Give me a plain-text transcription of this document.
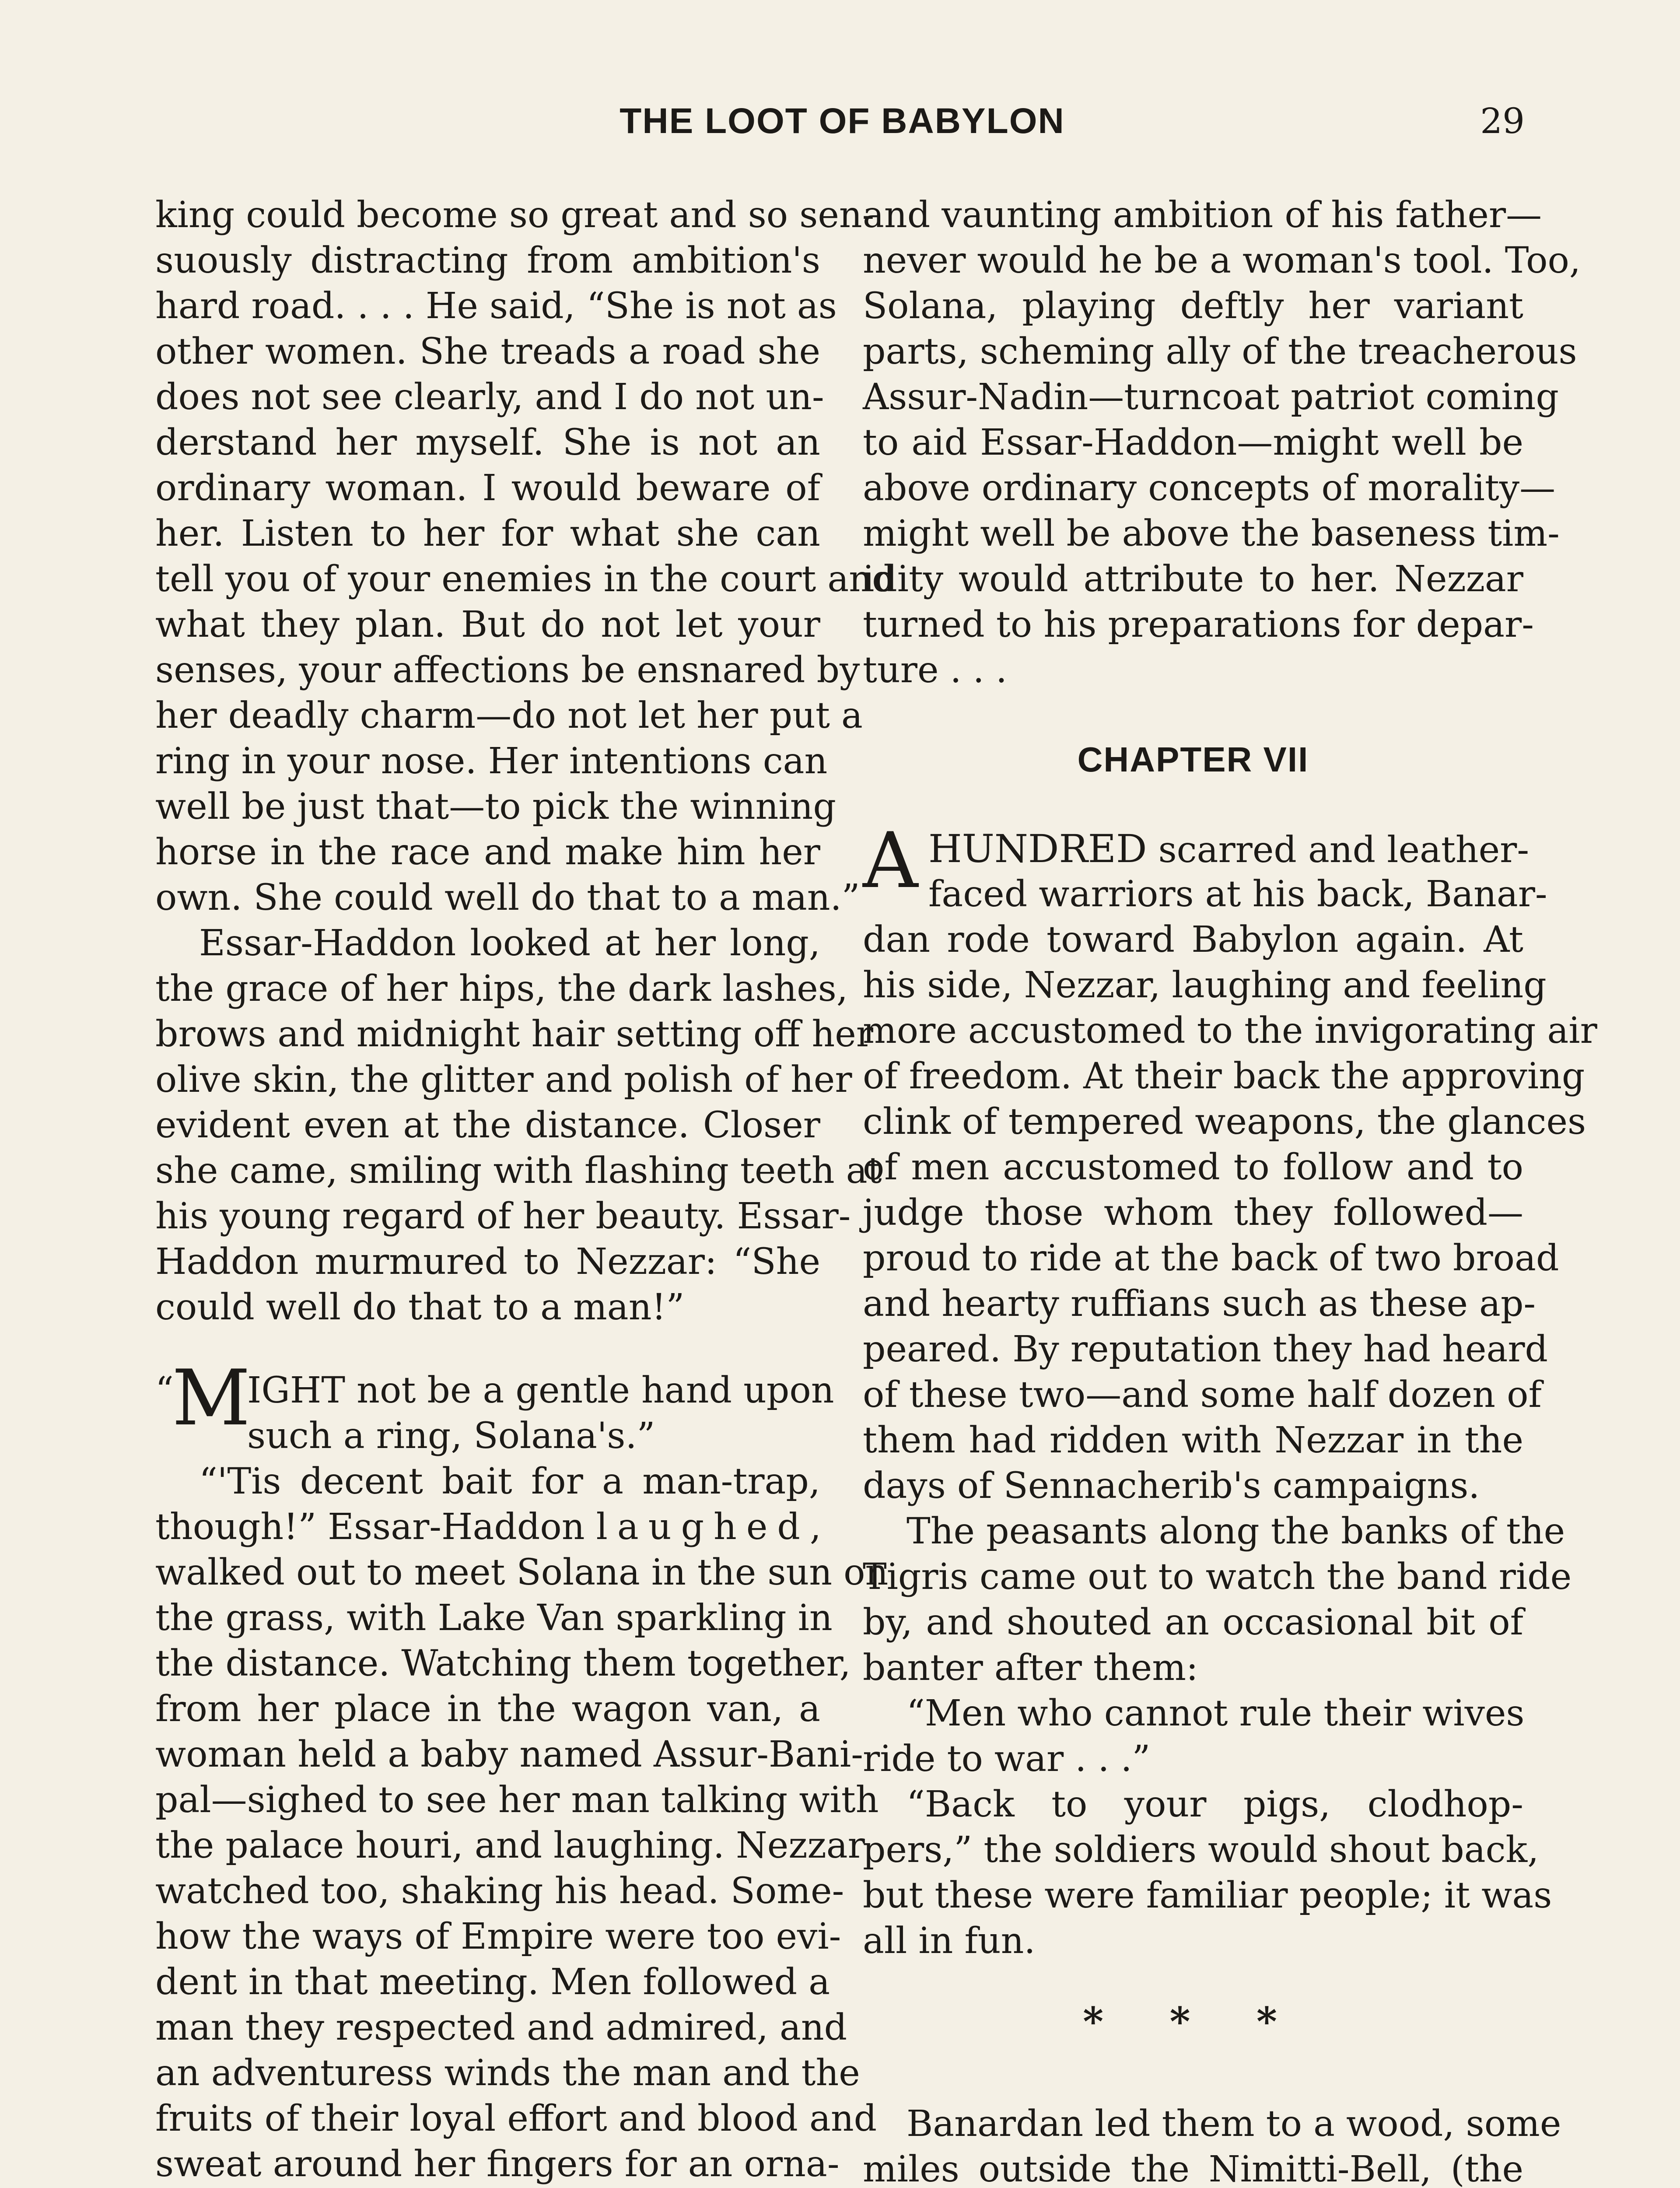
THE LOOT OF BABYLON	29
king could become so great and so sen-
suously distracting from ambition's
hard road. . . . He said, “She is not as
other women. She treads a road she
does not see clearly, and I do not un-
derstand her myself. She is not an
ordinary woman. I would beware of
her. Listen to her for what she can
tell you of your enemies in the court and
what they plan. But do not let your
senses, your affections be ensnared by
her deadly charm—do not let her put a
ring in your nose. Her intentions can
well be just that—to pick the winning
horse in the race and make him her
own. She could well do that to a man.”
Essar-Haddon looked at her long,
the grace of her hips, the dark lashes,
brows and midnight hair setting off her
olive skin, the glitter and polish of her
evident even at the distance. Closer
she came, smiling with flashing teeth at
his young regard of her beauty. Essar-
Haddon murmured to Nezzar: “She
could well do that to a man!”
“
M
IGHT not be a gentle hand upon
such a ring, Solana's.”
“'Tis decent bait for a man-trap,
though!” Essar-Haddon laughed,
walked out to meet Solana in the sun on
the grass, with Lake Van sparkling in
the distance. Watching them together,
from her place in the wagon van, a
woman held a baby named Assur-Bani-
pal—sighed to see her man talking with
the palace houri, and laughing. Nezzar
watched too, shaking his head. Some-
how the ways of Empire were too evi-
dent in that meeting. Men followed a
man they respected and admired, and
an adventuress winds the man and the
fruits of their loyal effort and blood and
sweat around her fingers for an orna-
and vaunting ambition of his father—
never would he be a woman's tool. Too,
Solana, playing deftly her variant
parts, scheming ally of the treacherous
Assur-Nadin—turncoat patriot coming
to aid Essar-Haddon—might well be
above ordinary concepts of morality—
might well be above the baseness tim-
idity would attribute to her. Nezzar
turned to his preparations for depar-
ture . . .
CHAPTER VII
A HUNDRED scarred and leather-
faced warriors at his back, Banar-
dan rode toward Babylon again. At
his side, Nezzar, laughing and feeling
more accustomed to the invigorating air
of freedom. At their back the approving
clink of tempered weapons, the glances
of men accustomed to follow and to
judge those whom they followed—
proud to ride at the back of two broad
and hearty ruffians such as these ap-
peared. By reputation they had heard
of these two—and some half dozen of
them had ridden with Nezzar in the
days of Sennacherib's campaigns.
The peasants along the banks of the
Tigris came out to watch the band ride
by, and shouted an occasional bit of
banter after them:
“Men who cannot rule their wives
ride to war . . .”
“Back to your pigs, clodhop-
pers,” the soldiers would shout back,
but these were familiar people; it was
all in fun.
* * *
Banardan led them to a wood, some
miles outside the Nimitti-Bell, (the
